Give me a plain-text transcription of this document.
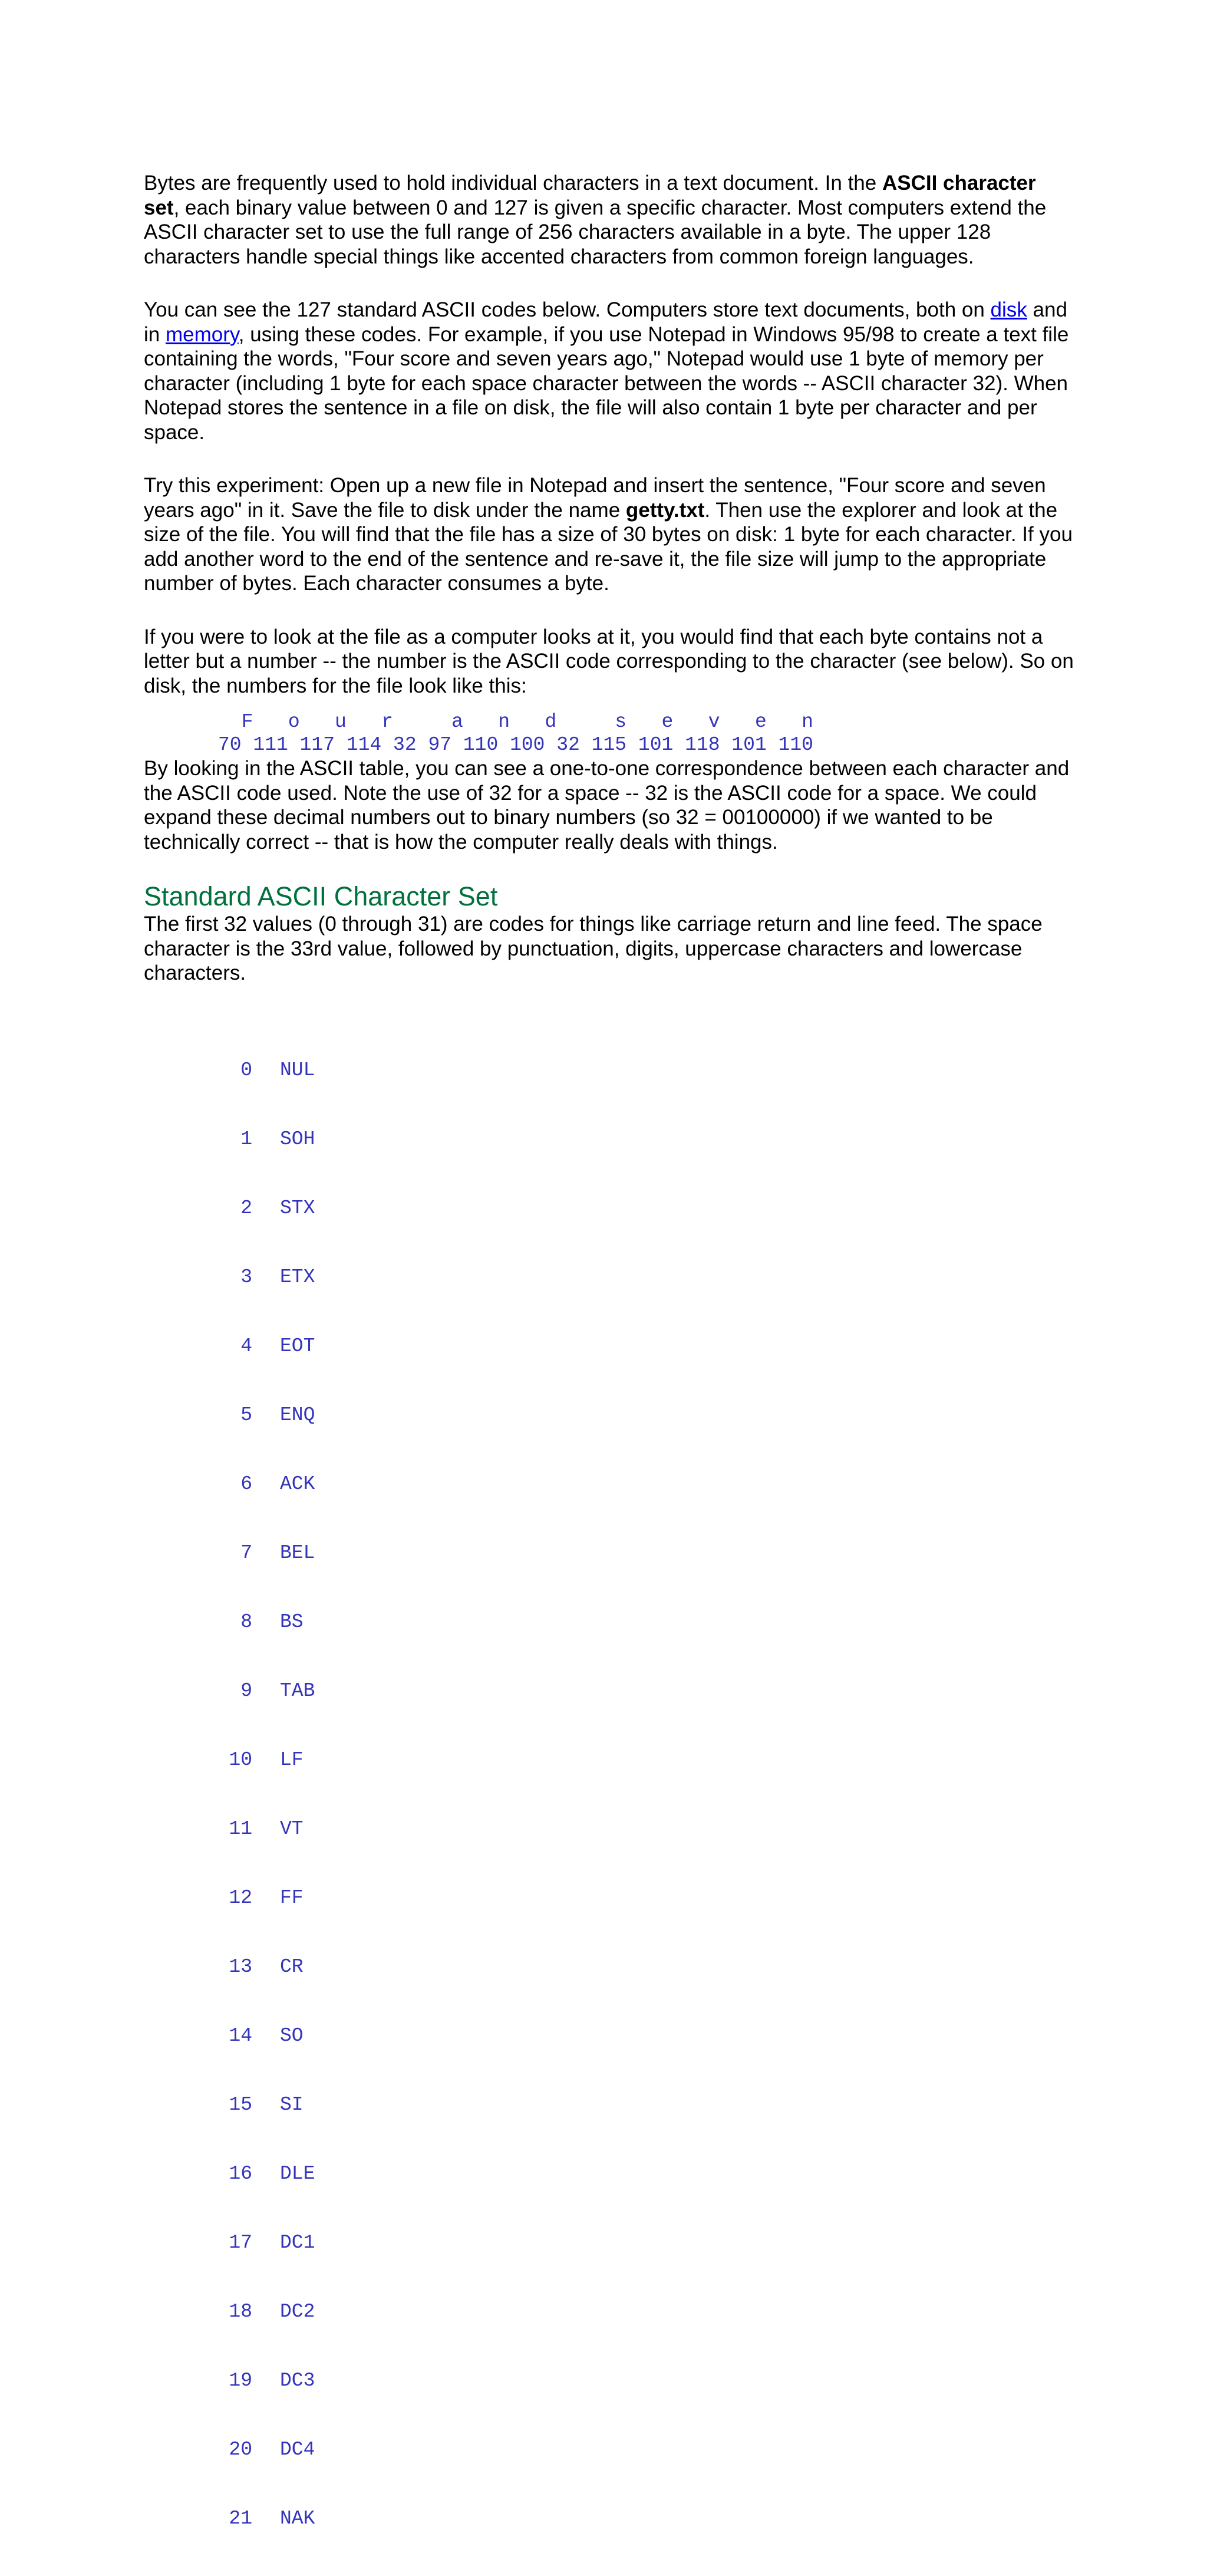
Bytes are frequently used to hold individual characters in a text document. In the ASCII character set, each binary value between 0 and 127 is given a specific character. Most computers extend the ASCII character set to use the full range of 256 characters available in a byte. The upper 128 characters handle special things like accented characters from common foreign languages.

You can see the 127 standard ASCII codes below. Computers store text documents, both on disk and in memory, using these codes. For example, if you use Notepad in Windows 95/98 to create a text file containing the words, "Four score and seven years ago," Notepad would use 1 byte of memory per character (including 1 byte for each space character between the words -- ASCII character 32). When Notepad stores the sentence in a file on disk, the file will also contain 1 byte per character and per space.

Try this experiment: Open up a new file in Notepad and insert the sentence, "Four score and seven years ago" in it. Save the file to disk under the name getty.txt. Then use the explorer and look at the size of the file. You will find that the file has a size of 30 bytes on disk: 1 byte for each character. If you add another word to the end of the sentence and re-save it, the file size will jump to the appropriate number of bytes. Each character consumes a byte.

If you were to look at the file as a computer looks at it, you would find that each byte contains not a letter but a number -- the number is the ASCII code corresponding to the character (see below). So on disk, the numbers for the file look like this:

F   o   u   r     a   n   d     s   e   v   e   n
70 111 117 114 32 97 110 100 32 115 101 118 101 110

By looking in the ASCII table, you can see a one-to-one correspondence between each character and the ASCII code used. Note the use of 32 for a space -- 32 is the ASCII code for a space. We could expand these decimal numbers out to binary numbers (so 32 = 00100000) if we wanted to be technically correct -- that is how the computer really deals with things.

Standard ASCII Character Set

The first 32 values (0 through 31) are codes for things like carriage return and line feed. The space character is the 33rd value, followed by punctuation, digits, uppercase characters and lowercase characters.

0	NUL

1	SOH

2	STX

3	ETX

4	EOT

5	ENQ

6	ACK

7	BEL

8	BS

9	TAB

10	LF

11	VT

12	FF

13	CR

14	SO

15	SI

16	DLE

17	DC1

18	DC2

19	DC3

20	DC4

21	NAK
